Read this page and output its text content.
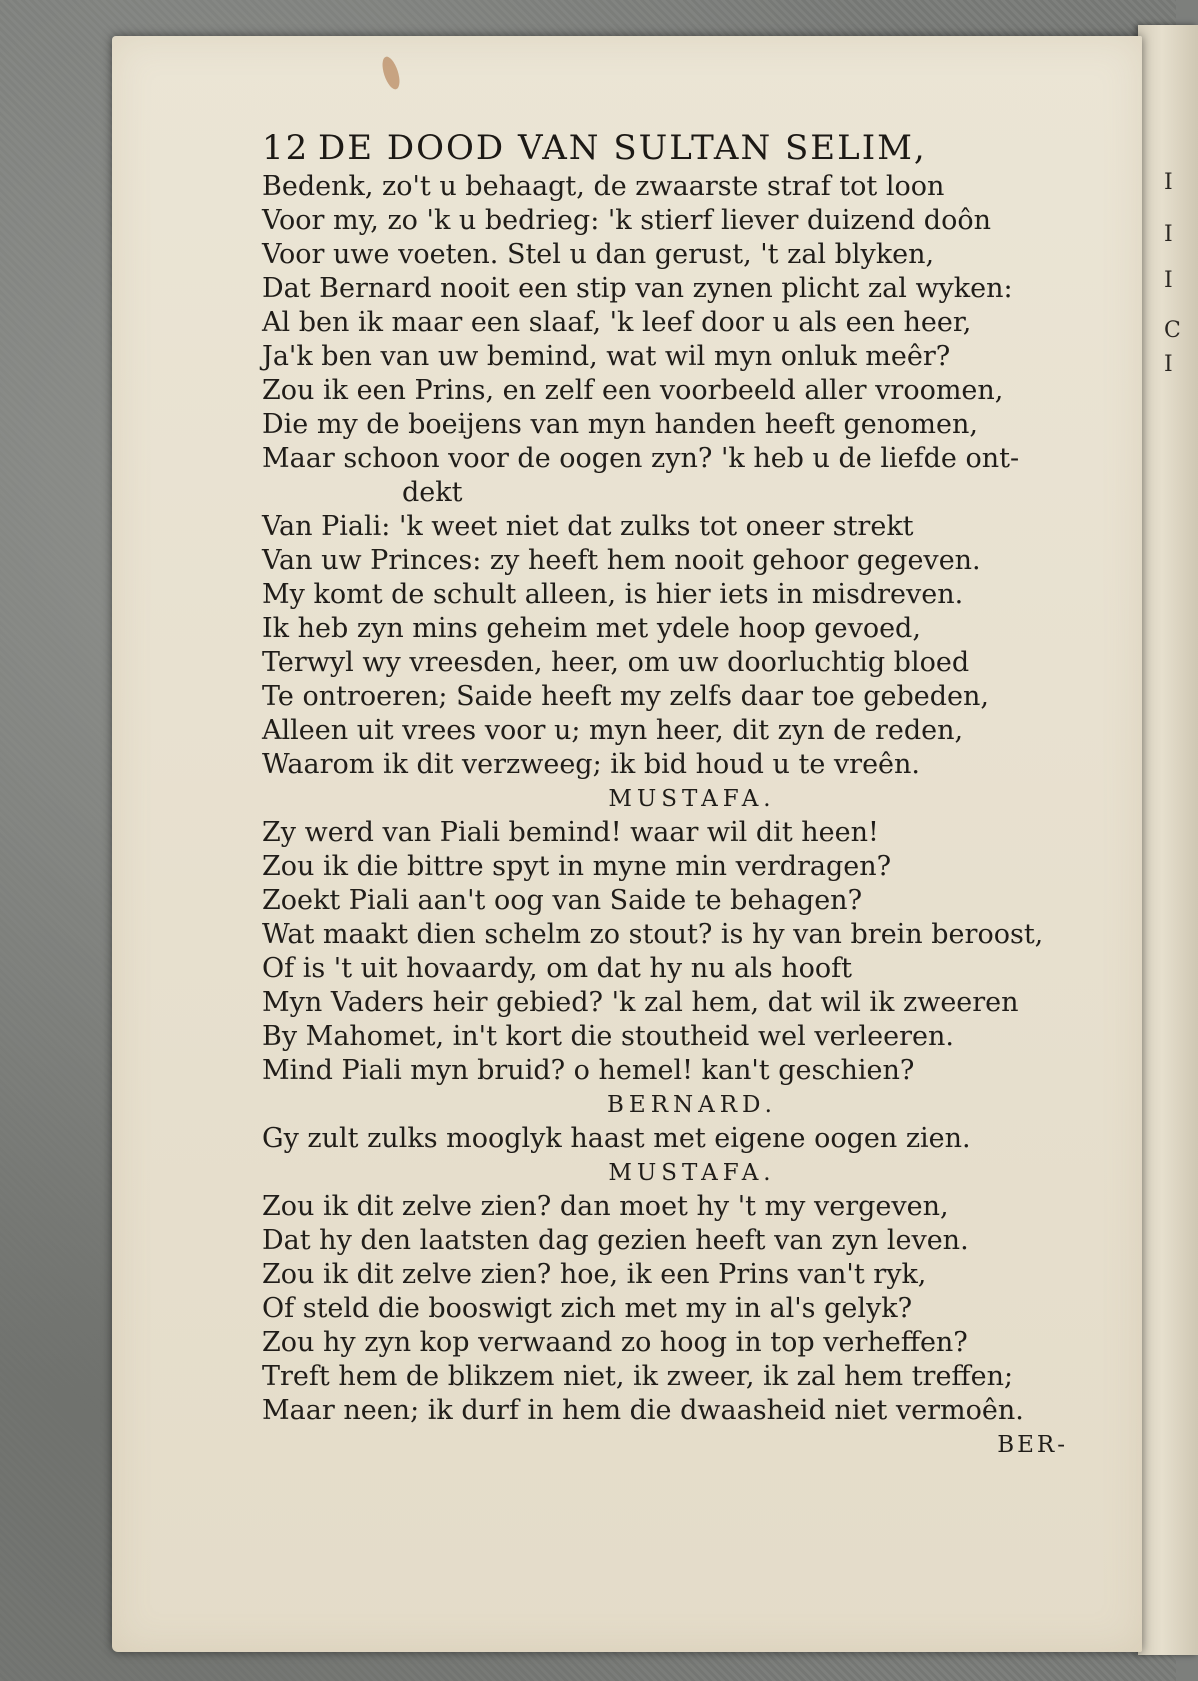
I
I
I
C
I
12 DE DOOD VAN SULTAN SELIM,
Bedenk, zo't u behaagt, de zwaarste straf tot loon
Voor my, zo 'k u bedrieg: 'k stierf liever duizend doôn
Voor uwe voeten. Stel u dan gerust, 't zal blyken,
Dat Bernard nooit een stip van zynen plicht zal wyken:
Al ben ik maar een slaaf, 'k leef door u als een heer,
Ja'k ben van uw bemind, wat wil myn onluk meêr?
Zou ik een Prins, en zelf een voorbeeld aller vroomen,
Die my de boeijens van myn handen heeft genomen,
Maar schoon voor de oogen zyn? 'k heb u de liefde ont-
dekt
Van Piali: 'k weet niet dat zulks tot oneer strekt
Van uw Princes: zy heeft hem nooit gehoor gegeven.
My komt de schult alleen, is hier iets in misdreven.
Ik heb zyn mins geheim met ydele hoop gevoed,
Terwyl wy vreesden, heer, om uw doorluchtig bloed
Te ontroeren; Saide heeft my zelfs daar toe gebeden,
Alleen uit vrees voor u; myn heer, dit zyn de reden,
Waarom ik dit verzweeg; ik bid houd u te vreên.
MUSTAFA.
Zy werd van Piali bemind! waar wil dit heen!
Zou ik die bittre spyt in myne min verdragen?
Zoekt Piali aan't oog van Saide te behagen?
Wat maakt dien schelm zo stout? is hy van brein beroost,
Of is 't uit hovaardy, om dat hy nu als hooft
Myn Vaders heir gebied? 'k zal hem, dat wil ik zweeren
By Mahomet, in't kort die stoutheid wel verleeren.
Mind Piali myn bruid? o hemel! kan't geschien?
BERNARD.
Gy zult zulks mooglyk haast met eigene oogen zien.
MUSTAFA.
Zou ik dit zelve zien? dan moet hy 't my vergeven,
Dat hy den laatsten dag gezien heeft van zyn leven.
Zou ik dit zelve zien? hoe, ik een Prins van't ryk,
Of steld die booswigt zich met my in al's gelyk?
Zou hy zyn kop verwaand zo hoog in top verheffen?
Treft hem de blikzem niet, ik zweer, ik zal hem treffen;
Maar neen; ik durf in hem die dwaasheid niet vermoên.
BER-
